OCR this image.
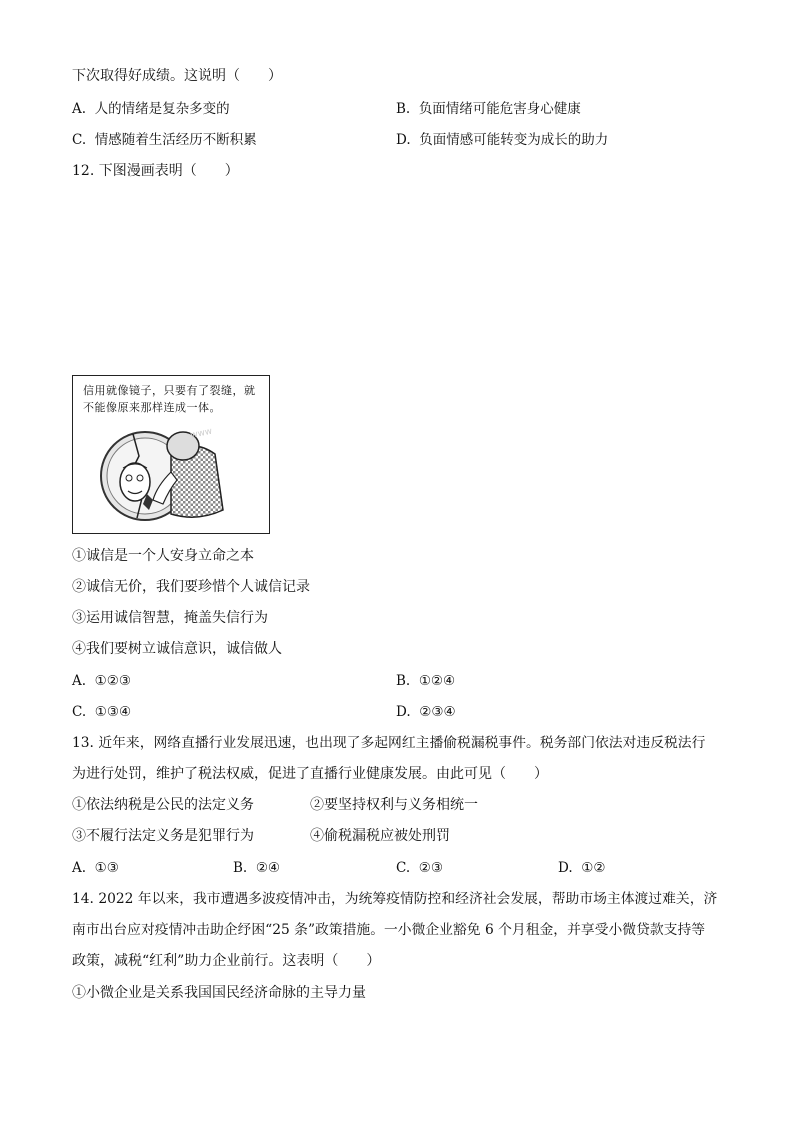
下次取得好成绩。这说明（　　）
A. 人的情绪是复杂多变的	B. 负面情绪可能危害身心健康
C. 情感随着生活经历不断积累	D. 负面情感可能转变为成长的助力
12. 下图漫画表明（　　）
信用就像镜子，只要有了裂缝，就
不能像原来那样连成一体。
www
①诚信是一个人安身立命之本
②诚信无价，我们要珍惜个人诚信记录
③运用诚信智慧，掩盖失信行为
④我们要树立诚信意识，诚信做人
A. ①②③	B. ①②④
C. ①③④	D. ②③④
13. 近年来，网络直播行业发展迅速，也出现了多起网红主播偷税漏税事件。税务部门依法对违反税法行
为进行处罚，维护了税法权威，促进了直播行业健康发展。由此可见（　　）
①依法纳税是公民的法定义务	②要坚持权利与义务相统一
③不履行法定义务是犯罪行为	④偷税漏税应被处刑罚
A. ①③	B. ②④	C. ②③	D. ①②
14. 2022 年以来，我市遭遇多波疫情冲击，为统筹疫情防控和经济社会发展，帮助市场主体渡过难关，济
南市出台应对疫情冲击助企纾困“25 条”政策措施。一小微企业豁免 6 个月租金，并享受小微贷款支持等
政策，减税“红利”助力企业前行。这表明（　　）
①小微企业是关系我国国民经济命脉的主导力量
